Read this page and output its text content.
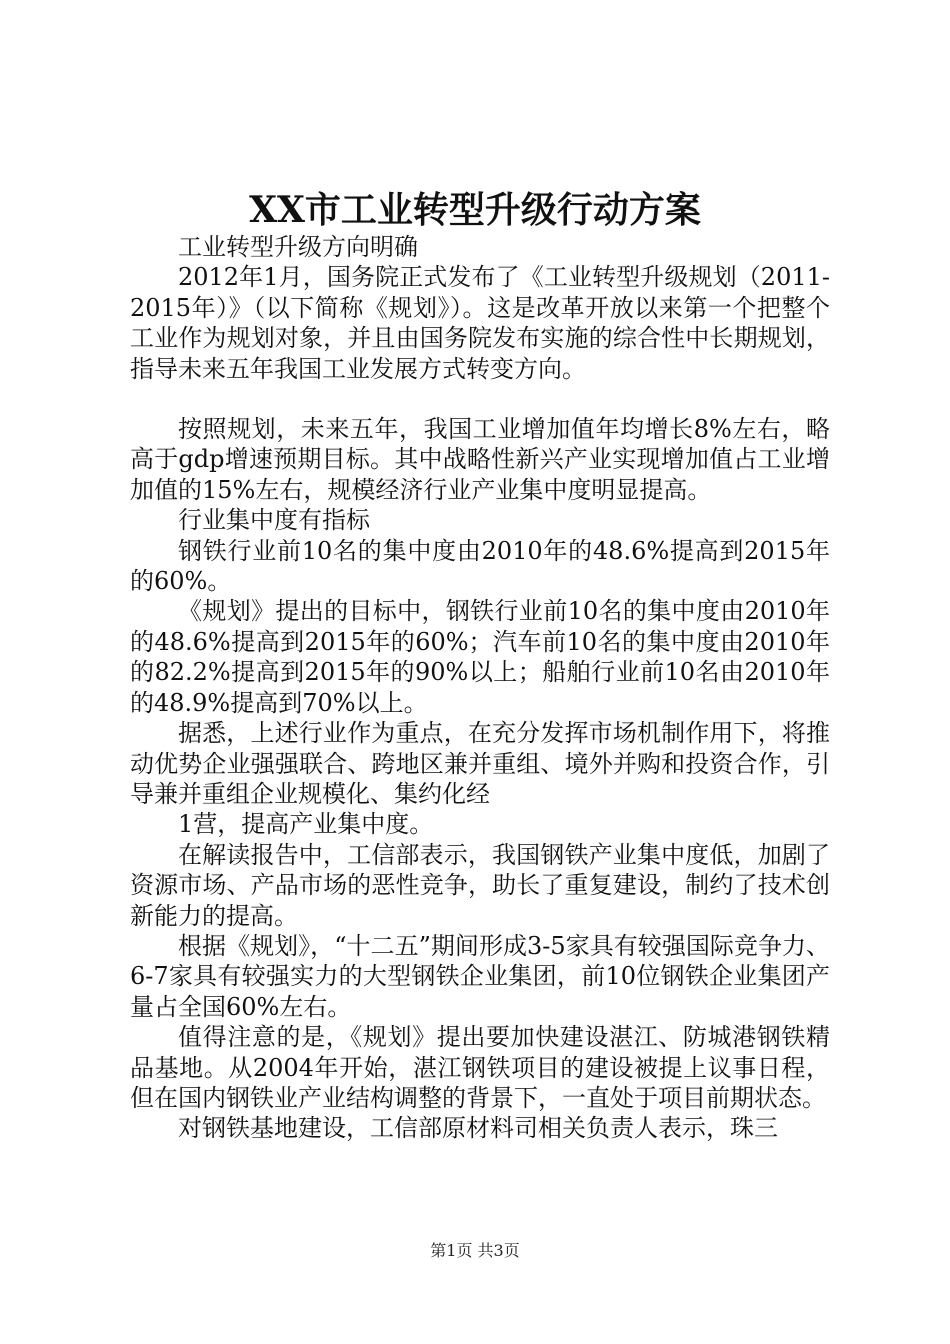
XX市工业转型升级行动方案

工业转型升级方向明确

2012年1月，国务院正式发布了《工业转型升级规划（2011-2015年）》（以下简称《规划》）。这是改革开放以来第一个把整个工业作为规划对象，并且由国务院发布实施的综合性中长期规划，指导未来五年我国工业发展方式转变方向。

按照规划，未来五年，我国工业增加值年均增长8%左右，略高于gdp增速预期目标。其中战略性新兴产业实现增加值占工业增加值的15%左右，规模经济行业产业集中度明显提高。

行业集中度有指标

钢铁行业前10名的集中度由2010年的48.6%提高到2015年的60%。

《规划》提出的目标中，钢铁行业前10名的集中度由2010年的48.6%提高到2015年的60%；汽车前10名的集中度由2010年的82.2%提高到2015年的90%以上；船舶行业前10名由2010年的48.9%提高到70%以上。

据悉，上述行业作为重点，在充分发挥市场机制作用下，将推动优势企业强强联合、跨地区兼并重组、境外并购和投资合作，引导兼并重组企业规模化、集约化经

1营，提高产业集中度。

在解读报告中，工信部表示，我国钢铁产业集中度低，加剧了资源市场、产品市场的恶性竞争，助长了重复建设，制约了技术创新能力的提高。

根据《规划》，“十二五”期间形成3-5家具有较强国际竞争力、6-7家具有较强实力的大型钢铁企业集团，前10位钢铁企业集团产量占全国60%左右。

值得注意的是，《规划》提出要加快建设湛江、防城港钢铁精品基地。从2004年开始，湛江钢铁项目的建设被提上议事日程，但在国内钢铁业产业结构调整的背景下，一直处于项目前期状态。

对钢铁基地建设，工信部原材料司相关负责人表示，珠三

第1页 共3页
